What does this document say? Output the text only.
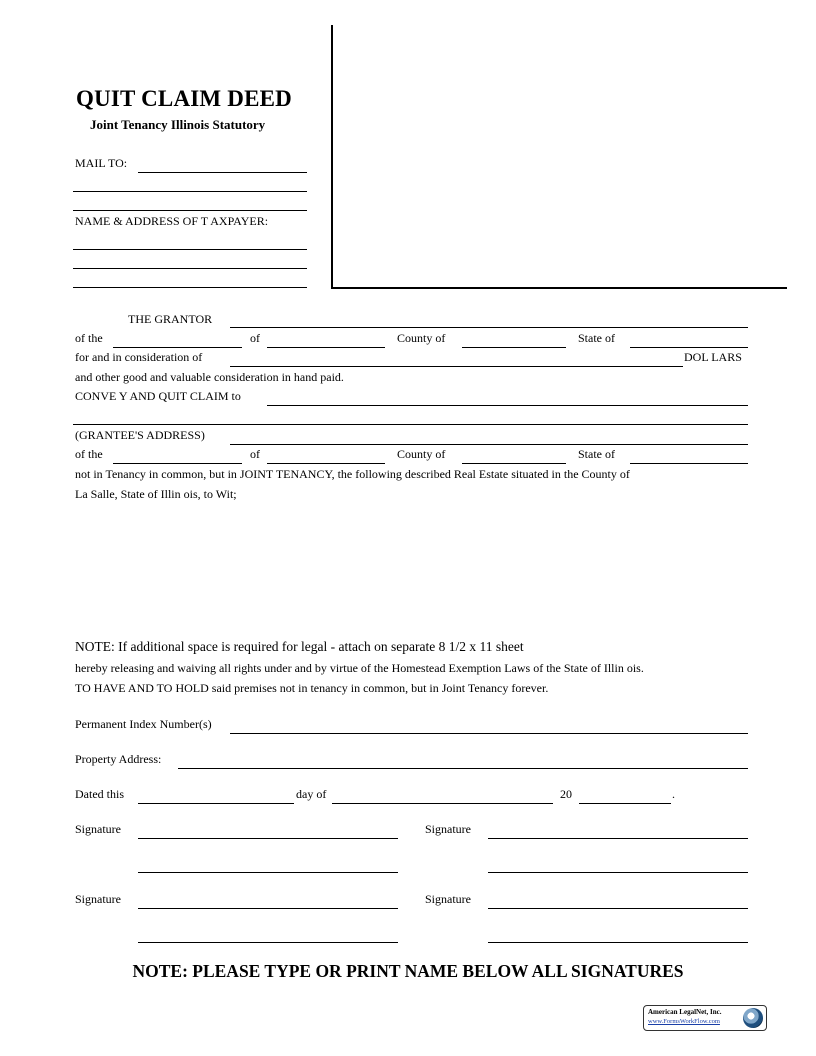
QUIT CLAIM DEED
Joint Tenancy Illinois Statutory
MAIL TO:
NAME & ADDRESS OF T AXPAYER:
THE GRANTOR
of the	of	County of	State of
for and in consideration of	DOL LARS
and other good and valuable consideration in hand paid.
CONVE Y AND QUIT CLAIM to
(GRANTEE'S ADDRESS)
of the	of	County of	State of
not in Tenancy in common, but in JOINT TENANCY, the following described Real Estate situated in the County of
La Salle, State of Illin ois, to Wit;
NOTE: If additional space is required for legal - attach on separate 8 1/2 x 11 sheet
hereby releasing and waiving all rights under and by virtue of the Homestead Exemption Laws of the State of Illin ois.
TO HAVE AND TO HOLD said premises not in tenancy in common, but in Joint Tenancy forever.
Permanent Index Number(s)
Property Address:
Dated this	day of	20	.
Signature	Signature
Signature	Signature
NOTE: PLEASE TYPE OR PRINT NAME BELOW ALL SIGNATURES
American LegalNet, Inc.
www.FormsWorkFlow.com
